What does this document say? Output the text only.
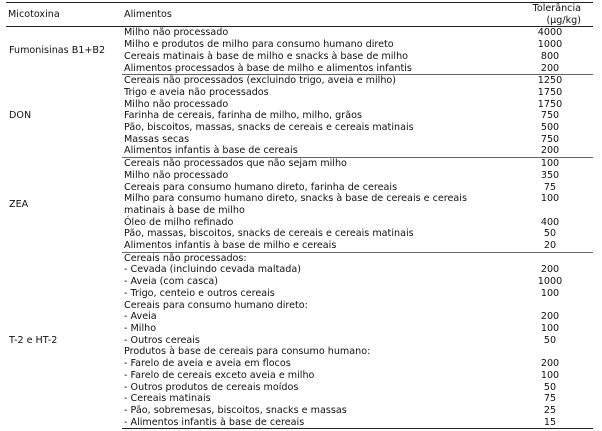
Micotoxina	Alimentos	Tolerância (µg/kg)
Fumonisinas B1+B2	Milho não processado	4000
	Milho e produtos de milho para consumo humano direto	1000
	Cereais matinais à base de milho e snacks à base de milho	800
	Alimentos processados à base de milho e alimentos infantis	200
DON	Cereais não processados (excluindo trigo, aveia e milho)	1250
	Trigo e aveia não processados	1750
	Milho não processado	1750
	Farinha de cereais, farinha de milho, milho, grãos	750
	Pão, biscoitos, massas, snacks de cereais e cereais matinais	500
	Massas secas	750
	Alimentos infantis à base de cereais	200
ZEA	Cereais não processados que não sejam milho	100
	Milho não processado	350
	Cereais para consumo humano direto, farinha de cereais	75
	Milho para consumo humano direto, snacks à base de cereais e cereais matinais à base de milho	100
	Óleo de milho refinado	400
	Pão, massas, biscoitos, snacks de cereais e cereais matinais	50
	Alimentos infantis à base de milho e cereais	20
T-2 e HT-2	Cereais não processados:	
	- Cevada (incluindo cevada maltada)	200
	- Aveia (com casca)	1000
	- Trigo, centeio e outros cereais	100
	Cereais para consumo humano direto:	
	- Aveia	200
	- Milho	100
	- Outros cereais	50
	Produtos à base de cereais para consumo humano:	
	- Farelo de aveia e aveia em flocos	200
	- Farelo de cereais exceto aveia e milho	100
	- Outros produtos de cereais moídos	50
	- Cereais matinais	75
	- Pão, sobremesas, biscoitos, snacks e massas	25
	- Alimentos infantis à base de cereais	15
